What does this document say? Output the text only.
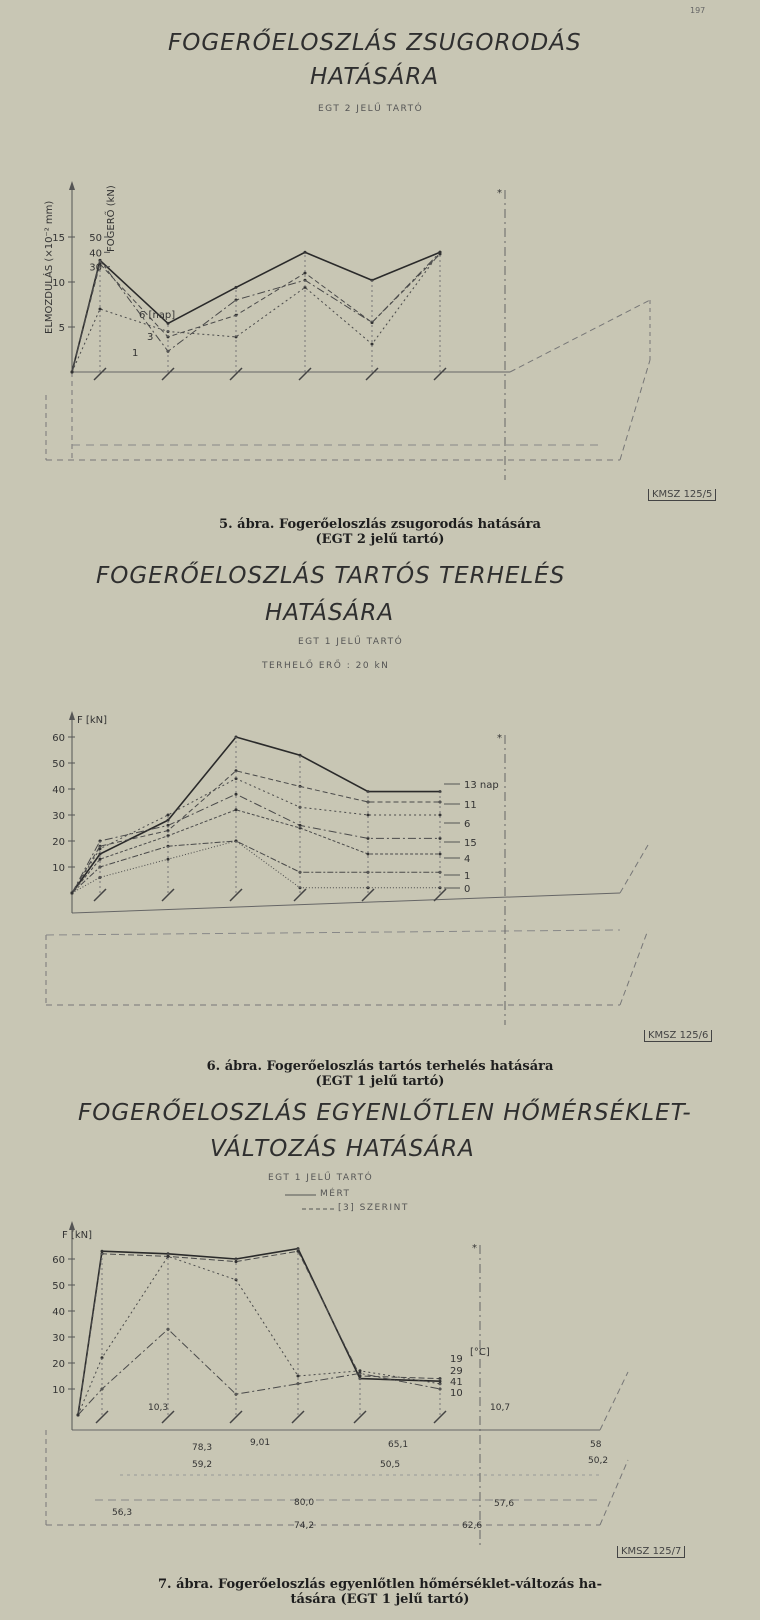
197
FOGERŐELOSZLÁS ZSUGORODÁS
HATÁSÁRA
EGT 2 JELŰ TARTÓ
FOGERŐELOSZLÁS TARTÓS TERHELÉS
HATÁSÁRA
EGT 1 JELŰ TARTÓ
TERHELŐ ERŐ : 20 kN
FOGERŐELOSZLÁS EGYENLŐTLEN HŐMÉRSÉKLET-
VÁLTOZÁS HATÁSÁRA
EGT 1 JELŰ TARTÓ
MÉRT
[3] SZERINT
*
5
10
15
30
40
50
ELMOZDULÁS (×10⁻² mm)	FOGERŐ (kN)
6 [nap]
3
1
*
10
20
30
40
50
60
F [kN]
13 nap
11
6
15
4
1
0
*
10
20
30
40
50
60
F [kN]
[°C]
19
29
41
10
10,3
9,01
10,7
56,3
80,0	57,6
78,3
59,2
65,1
50,5
74,2	62,6
58
50,2
5. ábra. Fogerőeloszlás zsugorodás hatására
(EGT 2 jelű tartó)
KMSZ 125/5
6. ábra. Fogerőeloszlás tartós terhelés hatására
(EGT 1 jelű tartó)
KMSZ 125/6
7. ábra. Fogerőeloszlás egyenlőtlen hőmérséklet-változás ha-
tására (EGT 1 jelű tartó)
KMSZ 125/7
